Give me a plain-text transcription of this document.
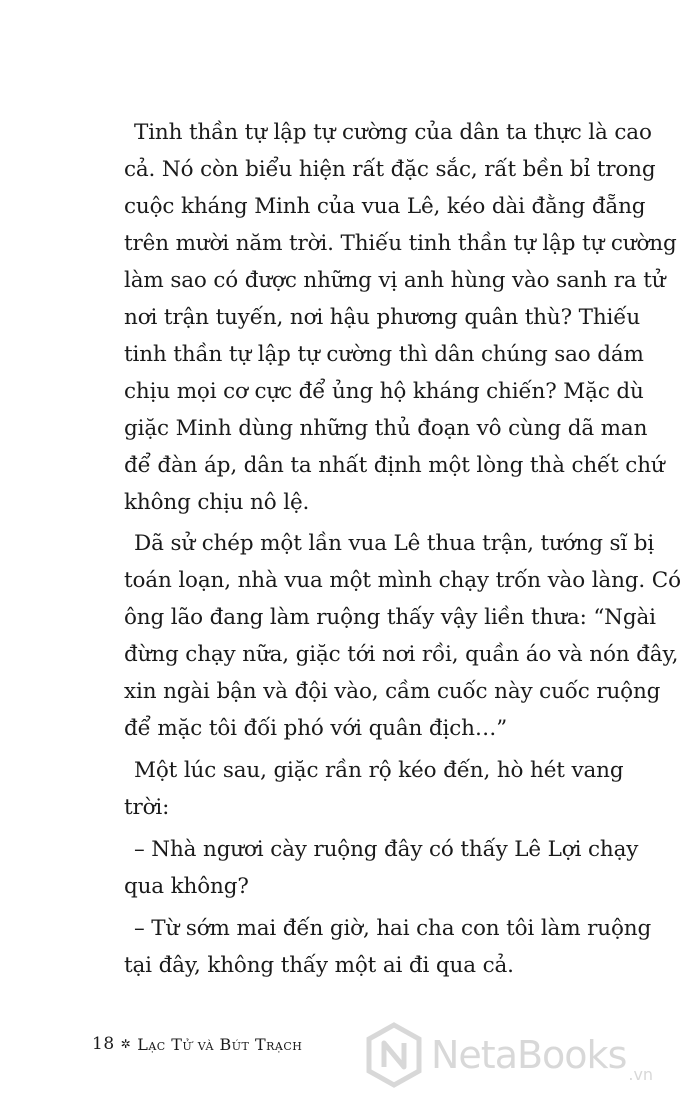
Tinh thần tự lập tự cường của dân ta thực là cao
cả. Nó còn biểu hiện rất đặc sắc, rất bền bỉ trong
cuộc kháng Minh của vua Lê, kéo dài đằng đẵng
trên mười năm trời. Thiếu tinh thần tự lập tự cường
làm sao có được những vị anh hùng vào sanh ra tử
nơi trận tuyến, nơi hậu phương quân thù? Thiếu
tinh thần tự lập tự cường thì dân chúng sao dám
chịu mọi cơ cực để ủng hộ kháng chiến? Mặc dù
giặc Minh dùng những thủ đoạn vô cùng dã man
để đàn áp, dân ta nhất định một lòng thà chết chứ
không chịu nô lệ.
Dã sử chép một lần vua Lê thua trận, tướng sĩ bị
toán loạn, nhà vua một mình chạy trốn vào làng. Có
ông lão đang làm ruộng thấy vậy liền thưa: “Ngài
đừng chạy nữa, giặc tới nơi rồi, quần áo và nón đây,
xin ngài bận và đội vào, cầm cuốc này cuốc ruộng
để mặc tôi đối phó với quân địch…”
Một lúc sau, giặc rần rộ kéo đến, hò hét vang
trời:
– Nhà ngươi cày ruộng đây có thấy Lê Lợi chạy
qua không?
– Từ sớm mai đến giờ, hai cha con tôi làm ruộng
tại đây, không thấy một ai đi qua cả.
18 ✲ Lạc Tử và Bút Trạch	NetaBooks .vn
